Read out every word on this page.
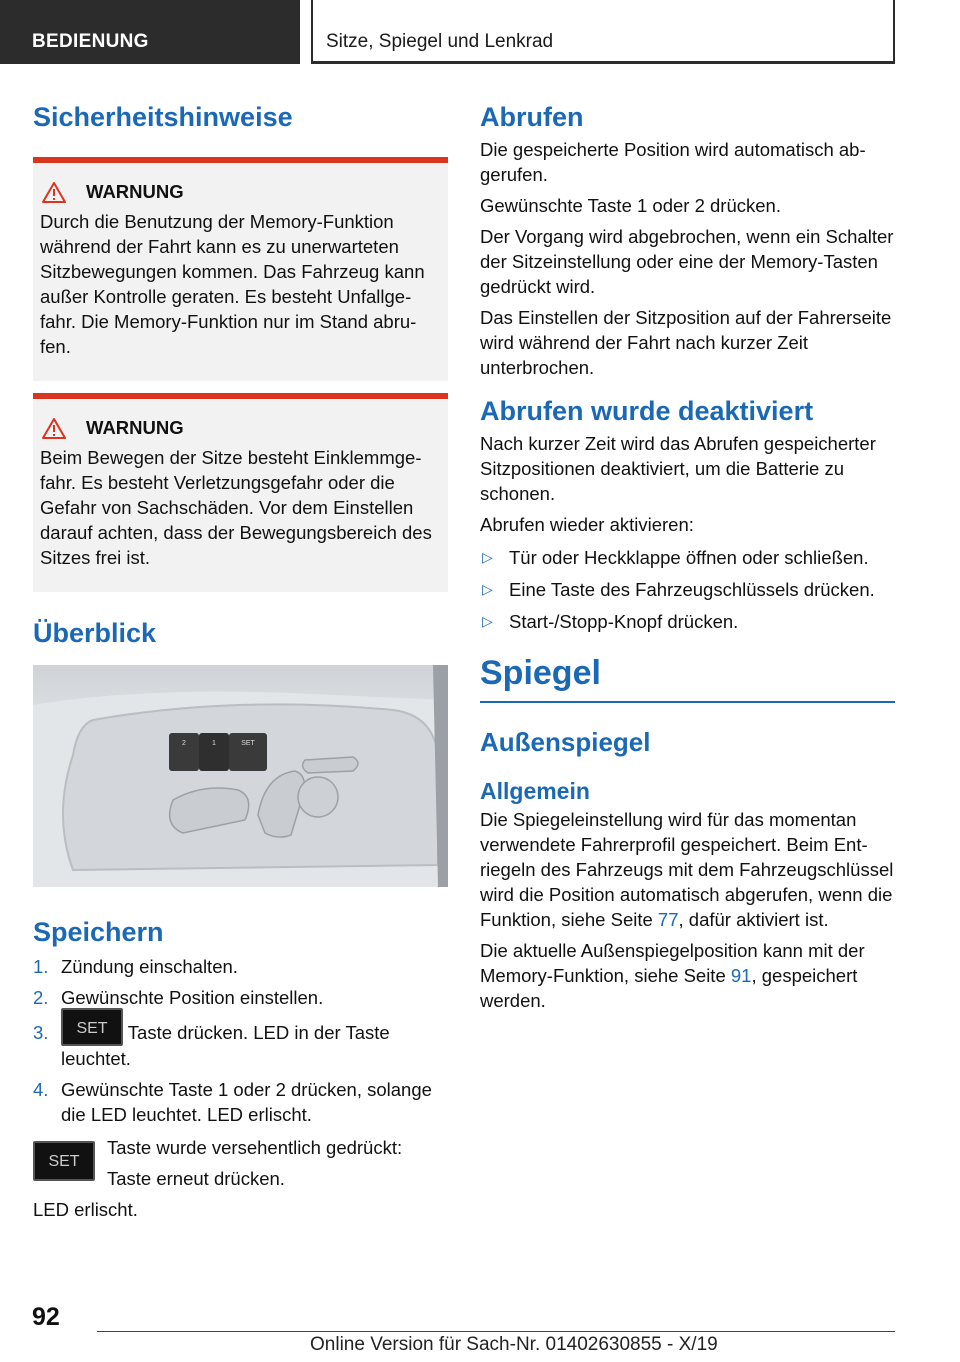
BEDIENUNG	Sitze, Spiegel und Lenkrad
Sicherheitshinweise
WARNUNG

Durch die Benutzung der Memory-Funktion während der Fahrt kann es zu unerwarteten Sitzbewegungen kommen. Das Fahrzeug kann außer Kontrolle geraten. Es besteht Unfallgefahr. Die Memory-Funktion nur im Stand abrufen.

WARNUNG

Beim Bewegen der Sitze besteht Einklemmgefahr. Es besteht Verletzungsgefahr oder die Gefahr von Sachschäden. Vor dem Einstellen darauf achten, dass der Bewegungsbereich des Sitzes frei ist.

Überblick
2	1	SET
Speichern
1. Zündung einschalten.
2. Gewünschte Position einstellen.
3. SET Taste drücken. LED in der Taste leuchtet.
4. Gewünschte Taste 1 oder 2 drücken, solange die LED leuchtet. LED erlischt.
SET

Taste wurde versehentlich gedrückt:

Taste erneut drücken.

LED erlischt.

Abrufen

Die gespeicherte Position wird automatisch abgerufen.

Gewünschte Taste 1 oder 2 drücken.

Der Vorgang wird abgebrochen, wenn ein Schalter der Sitzeinstellung oder eine der Memory-Tasten gedrückt wird.

Das Einstellen der Sitzposition auf der Fahrerseite wird während der Fahrt nach kurzer Zeit unterbrochen.

Abrufen wurde deaktiviert

Nach kurzer Zeit wird das Abrufen gespeicherter Sitzpositionen deaktiviert, um die Batterie zu schonen.

Abrufen wieder aktivieren:

▷ Tür oder Heckklappe öffnen oder schließen.
▷ Eine Taste des Fahrzeugschlüssels drücken.
▷ Start-/Stopp-Knopf drücken.
Spiegel
Außenspiegel
Allgemein

Die Spiegeleinstellung wird für das momentan verwendete Fahrerprofil gespeichert. Beim Entriegeln des Fahrzeugs mit dem Fahrzeugschlüssel wird die Position automatisch abgerufen, wenn die Funktion, siehe Seite 77, dafür aktiviert ist.

Die aktuelle Außenspiegelposition kann mit der Memory-Funktion, siehe Seite 91, gespeichert werden.

92
Online Version für Sach-Nr. 01402630855 - X/19
